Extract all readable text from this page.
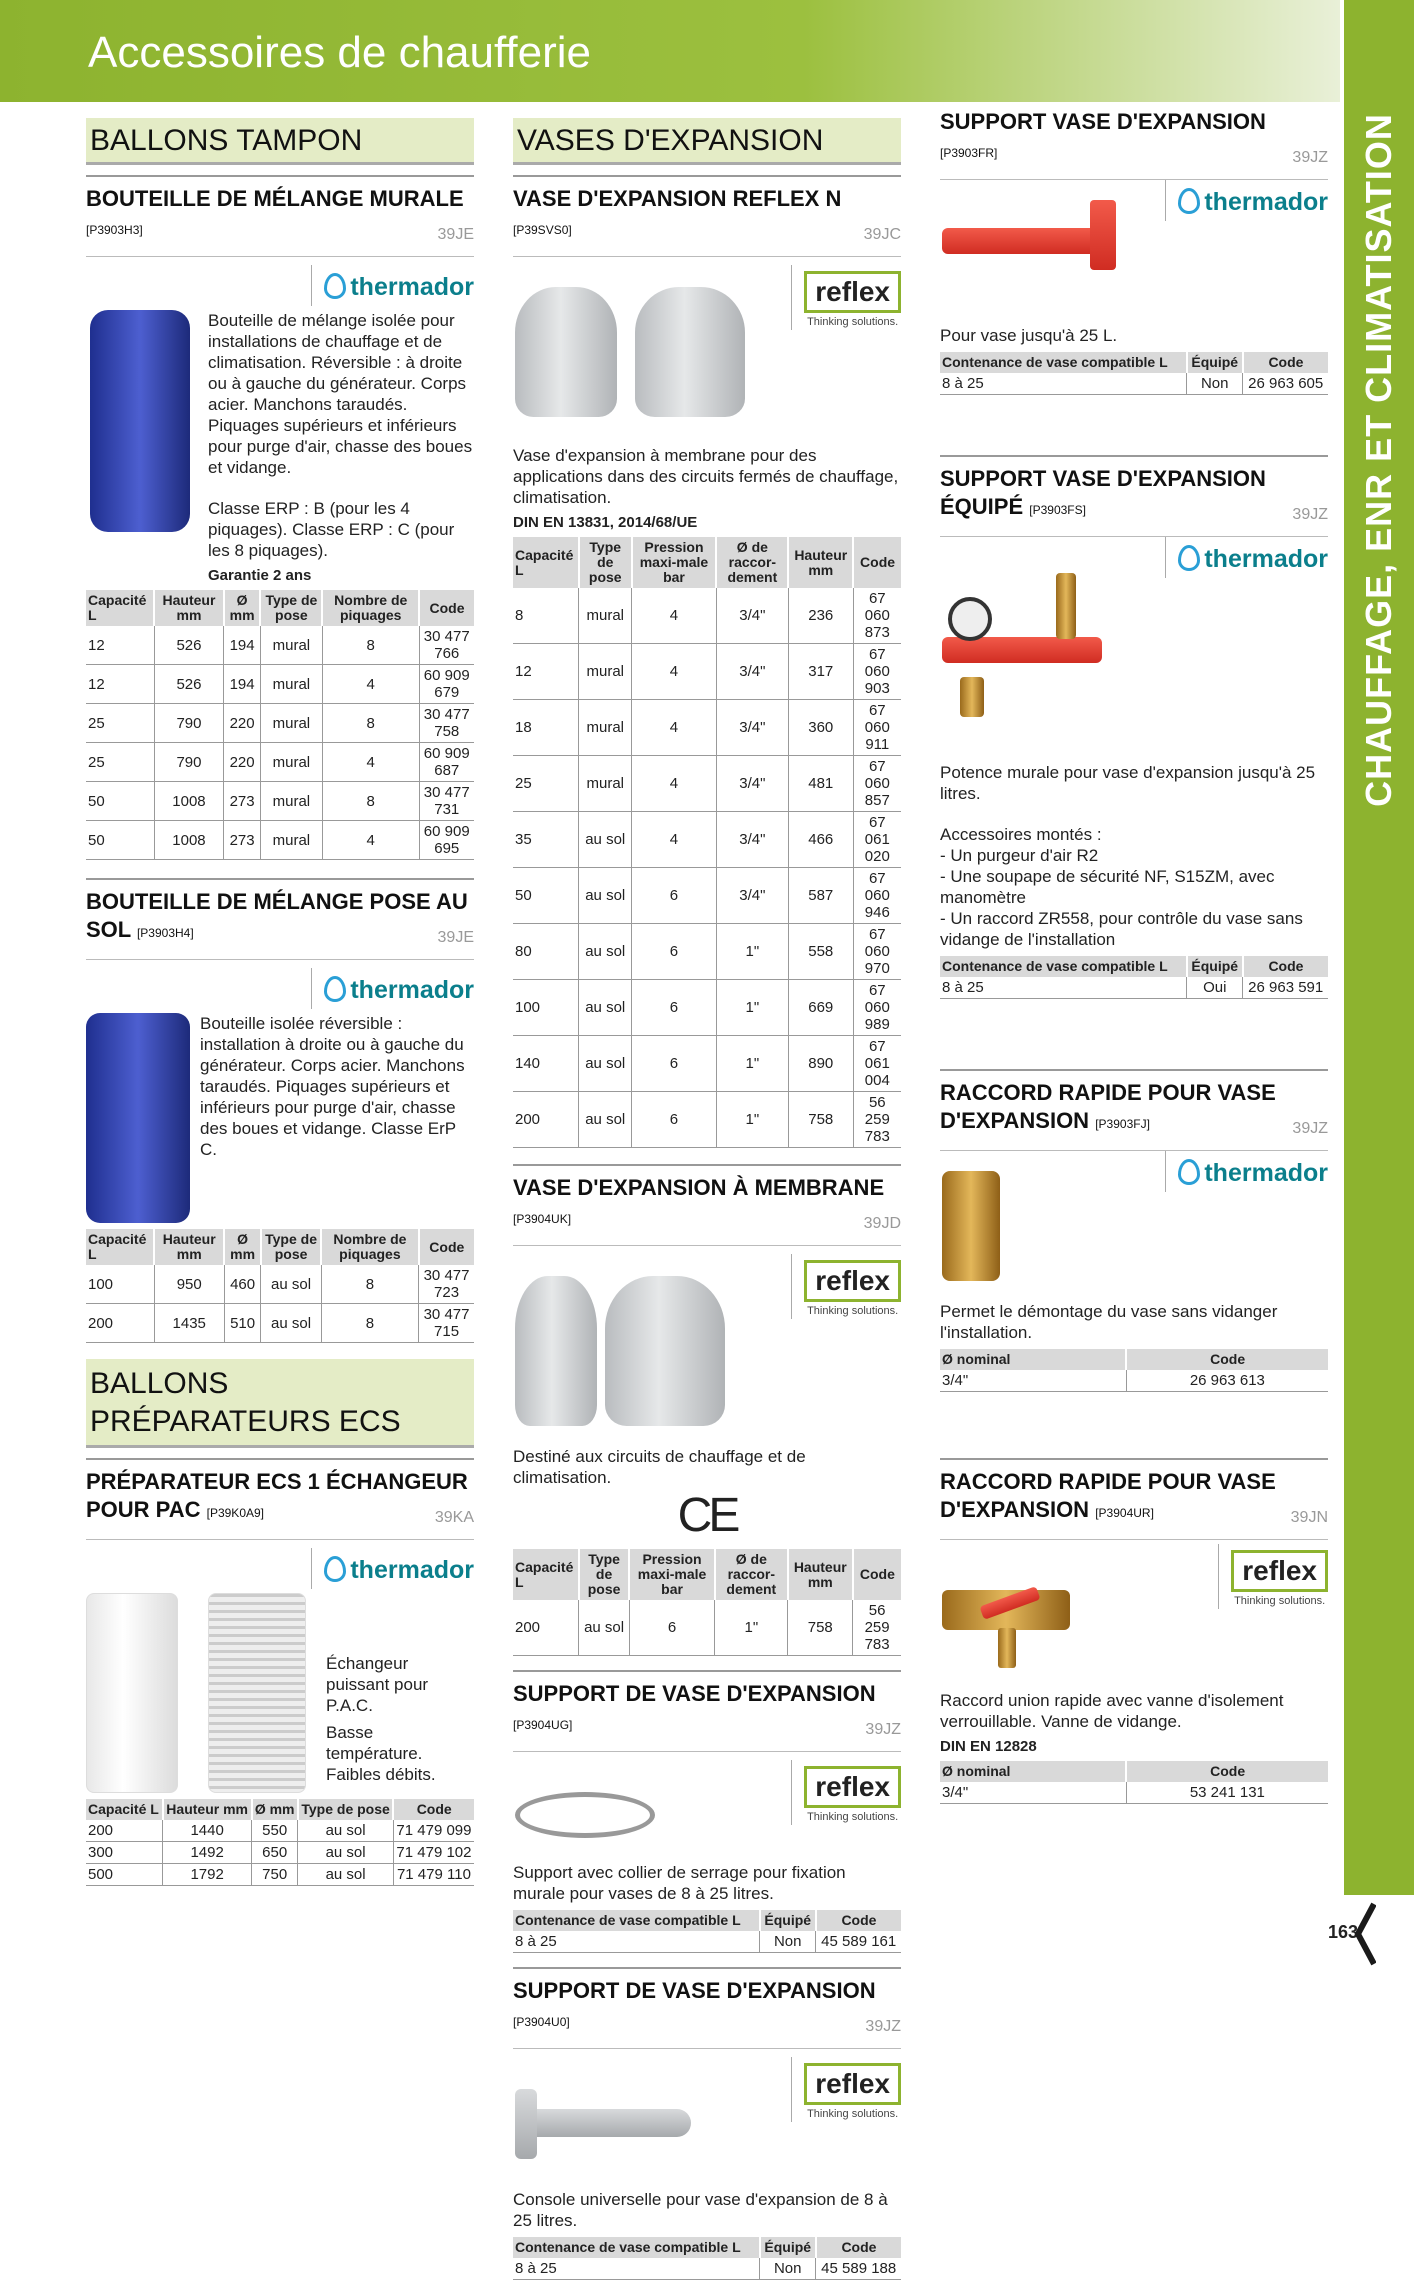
Accessoires de chaufferie
CHAUFFAGE, ENR ET CLIMATISATION
BALLONS TAMPON
BOUTEILLE DE MÉLANGE MURALE [P3903H3]	39JE
thermador
Bouteille de mélange isolée pour installations de chauffage et de climatisation. Réversible : à droite ou à gauche du générateur. Corps acier. Manchons taraudés. Piquages supérieurs et inférieurs pour purge d'air, chasse des boues et vidange.
Classe ERP : B (pour les 4 piquages). Classe ERP : C (pour les 8 piquages).
Garantie 2 ans
Capacité L	Hauteur mm	Ø mm	Type de pose	Nombre de piquages	Code
12	526	194	mural	8	30 477 766
12	526	194	mural	4	60 909 679
25	790	220	mural	8	30 477 758
25	790	220	mural	4	60 909 687
50	1008	273	mural	8	30 477 731
50	1008	273	mural	4	60 909 695
BOUTEILLE DE MÉLANGE POSE AU SOL [P3903H4]	39JE
thermador
Bouteille isolée réversible : installation à droite ou à gauche du générateur. Corps acier. Manchons taraudés. Piquages supérieurs et inférieurs pour purge d'air, chasse des boues et vidange. Classe ErP C.
Capacité L	Hauteur mm	Ø mm	Type de pose	Nombre de piquages	Code
100	950	460	au sol	8	30 477 723
200	1435	510	au sol	8	30 477 715
BALLONS PRÉPARATEURS ECS
PRÉPARATEUR ECS 1 ÉCHANGEUR POUR PAC [P39K0A9]	39KA
thermador
Échangeur puissant pour P.A.C.
Basse température. Faibles débits.
Capacité L	Hauteur mm	Ø mm	Type de pose	Code
200	1440	550	au sol	71 479 099
300	1492	650	au sol	71 479 102
500	1792	750	au sol	71 479 110
VASES D'EXPANSION
VASE D'EXPANSION REFLEX N
[P39SVS0]	39JC
reflex
Thinking solutions.
Vase d'expansion à membrane pour des applications dans des circuits fermés de chauffage, climatisation.
DIN EN 13831, 2014/68/UE
Capacité L	Type de pose	Pression maxi-male bar	Ø de raccor-dement	Hauteur mm	Code
8	mural	4	3/4"	236	67 060 873
12	mural	4	3/4"	317	67 060 903
18	mural	4	3/4"	360	67 060 911
25	mural	4	3/4"	481	67 060 857
35	au sol	4	3/4"	466	67 061 020
50	au sol	6	3/4"	587	67 060 946
80	au sol	6	1"	558	67 060 970
100	au sol	6	1"	669	67 060 989
140	au sol	6	1"	890	67 061 004
200	au sol	6	1"	758	56 259 783
VASE D'EXPANSION À MEMBRANE [P3904UK]	39JD
reflex
Thinking solutions.
Destiné aux circuits de chauffage et de climatisation.
CE
Capacité L	Type de pose	Pression maxi-male bar	Ø de raccor-dement	Hauteur mm	Code
200	au sol	6	1"	758	56 259 783
SUPPORT DE VASE D'EXPANSION [P3904UG]	39JZ
reflex
Thinking solutions.
Support avec collier de serrage pour fixation murale pour vases de 8 à 25 litres.
Contenance de vase compatible L	Équipé	Code
8 à 25	Non	45 589 161
SUPPORT DE VASE D'EXPANSION [P3904U0]	39JZ
reflex
Thinking solutions.
Console universelle pour vase d'expansion de 8 à 25 litres.
Contenance de vase compatible L	Équipé	Code
8 à 25	Non	45 589 188
SUPPORT VASE D'EXPANSION
[P3903FR]	39JZ
thermador
Pour vase jusqu'à 25 L.
Contenance de vase compatible L	Équipé	Code
8 à 25	Non	26 963 605
SUPPORT VASE D'EXPANSION ÉQUIPÉ [P3903FS]	39JZ
thermador
Potence murale pour vase d'expansion jusqu'à 25 litres.
Accessoires montés :
- Un purgeur d'air R2
- Une soupape de sécurité NF, S15ZM, avec manomètre
- Un raccord ZR558, pour contrôle du vase sans vidange de l'installation
Contenance de vase compatible L	Équipé	Code
8 à 25	Oui	26 963 591
RACCORD RAPIDE POUR VASE D'EXPANSION [P3903FJ]	39JZ
thermador
Permet le démontage du vase sans vidanger l'installation.
Ø nominal	Code
3/4"	26 963 613
RACCORD RAPIDE POUR VASE D'EXPANSION [P3904UR]	39JN
reflex
Thinking solutions.
Raccord union rapide avec vanne d'isolement verrouillable. Vanne de vidange.
DIN EN 12828
Ø nominal	Code
3/4"	53 241 131
163
